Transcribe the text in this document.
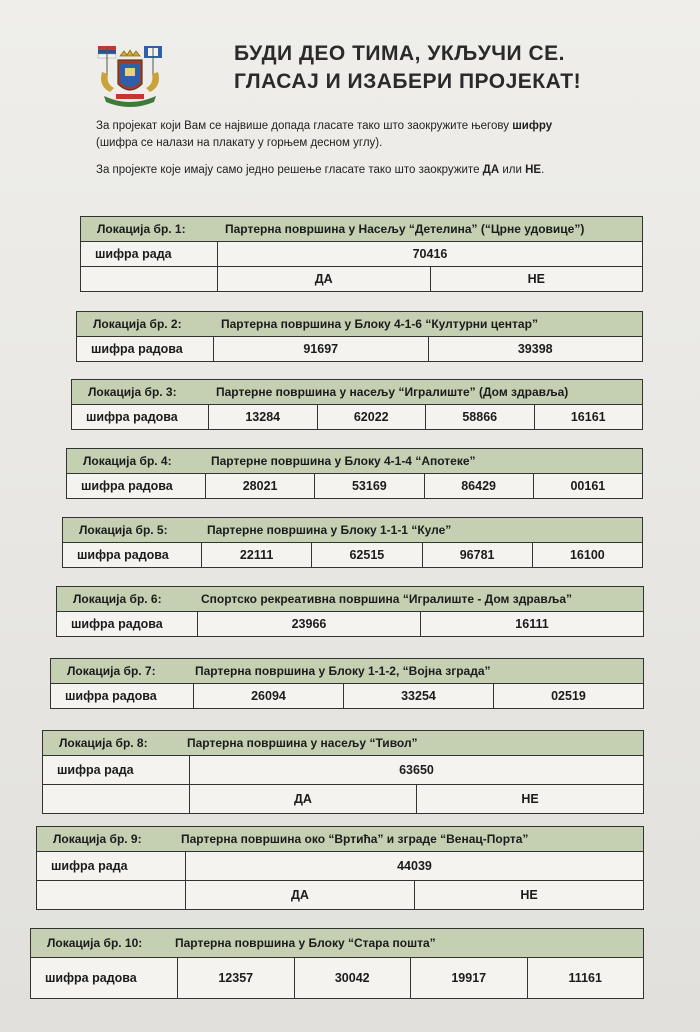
БУДИ ДЕО ТИМА, УКЉУЧИ СЕ.
ГЛАСАЈ И ИЗАБЕРИ ПРОЈЕКАТ!
За пројекат који Вам се највише допада гласате тако што заокружите његову шифру
(шифра се налази на плакату у горњем десном углу).
За пројекте које имају само једно решење гласате тако што заокружите ДА или НЕ.
Локација бр. 1:	Партерна површина у Насељу “Детелина” (“Црне удовице”)
шифра рада	70416
ДА	НЕ
Локација бр. 2:	Партерна површина у Блоку 4-1-6 “Културни центар”
шифра радова	91697	39398
Локација бр. 3:	Партерне површина у насељу “Игралиште” (Дом здравља)
шифра радова	13284	62022	58866	16161
Локација бр. 4:	Партерне површина у Блоку 4-1-4 “Апотеке”
шифра радова	28021	53169	86429	00161
Локација бр. 5:	Партерне површина у Блоку 1-1-1 “Куле”
шифра радова	22111	62515	96781	16100
Локација бр. 6:	Спортско рекреативна површина “Игралиште - Дом здравља”
шифра радова	23966	16111
Локација бр. 7:	Партерна површина у Блоку 1-1-2, “Војна зграда”
шифра радова	26094	33254	02519
Локација бр. 8:	Партерна површина у насељу “Тивол”
шифра рада	63650
ДА	НЕ
Локација бр. 9:	Партерна површина око “Вртића” и зграде “Венац-Порта”
шифра рада	44039
ДА	НЕ
Локација бр. 10:	Партерна површина у Блоку “Стара пошта”
шифра радова	12357	30042	19917	11161
